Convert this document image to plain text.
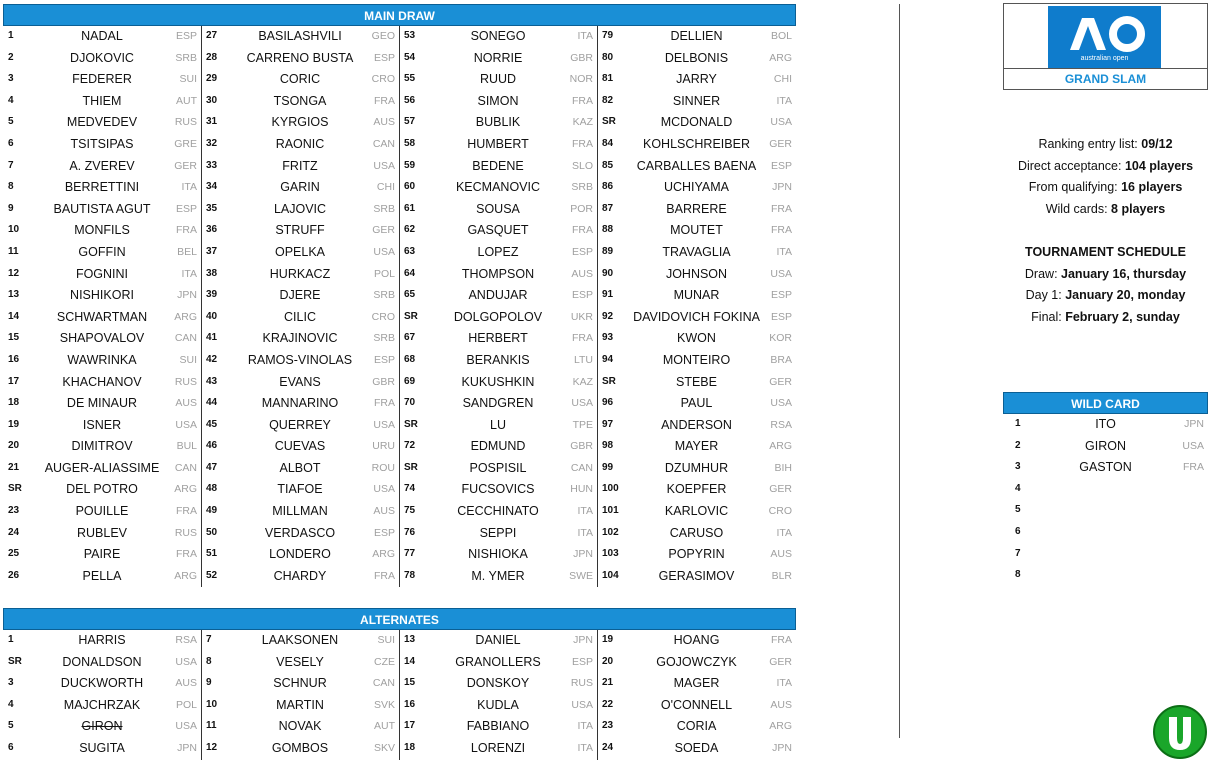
MAIN DRAW
1	NADAL	ESP
2	DJOKOVIC	SRB
3	FEDERER	SUI
4	THIEM	AUT
5	MEDVEDEV	RUS
6	TSITSIPAS	GRE
7	A. ZVEREV	GER
8	BERRETTINI	ITA
9	BAUTISTA AGUT	ESP
10	MONFILS	FRA
11	GOFFIN	BEL
12	FOGNINI	ITA
13	NISHIKORI	JPN
14	SCHWARTMAN	ARG
15	SHAPOVALOV	CAN
16	WAWRINKA	SUI
17	KHACHANOV	RUS
18	DE MINAUR	AUS
19	ISNER	USA
20	DIMITROV	BUL
21	AUGER-ALIASSIME	CAN
SR	DEL POTRO	ARG
23	POUILLE	FRA
24	RUBLEV	RUS
25	PAIRE	FRA
26	PELLA	ARG
27	BASILASHVILI	GEO
28	CARRENO BUSTA	ESP
29	CORIC	CRO
30	TSONGA	FRA
31	KYRGIOS	AUS
32	RAONIC	CAN
33	FRITZ	USA
34	GARIN	CHI
35	LAJOVIC	SRB
36	STRUFF	GER
37	OPELKA	USA
38	HURKACZ	POL
39	DJERE	SRB
40	CILIC	CRO
41	KRAJINOVIC	SRB
42	RAMOS-VINOLAS	ESP
43	EVANS	GBR
44	MANNARINO	FRA
45	QUERREY	USA
46	CUEVAS	URU
47	ALBOT	ROU
48	TIAFOE	USA
49	MILLMAN	AUS
50	VERDASCO	ESP
51	LONDERO	ARG
52	CHARDY	FRA
53	SONEGO	ITA
54	NORRIE	GBR
55	RUUD	NOR
56	SIMON	FRA
57	BUBLIK	KAZ
58	HUMBERT	FRA
59	BEDENE	SLO
60	KECMANOVIC	SRB
61	SOUSA	POR
62	GASQUET	FRA
63	LOPEZ	ESP
64	THOMPSON	AUS
65	ANDUJAR	ESP
SR	DOLGOPOLOV	UKR
67	HERBERT	FRA
68	BERANKIS	LTU
69	KUKUSHKIN	KAZ
70	SANDGREN	USA
SR	LU	TPE
72	EDMUND	GBR
SR	POSPISIL	CAN
74	FUCSOVICS	HUN
75	CECCHINATO	ITA
76	SEPPI	ITA
77	NISHIOKA	JPN
78	M. YMER	SWE
79	DELLIEN	BOL
80	DELBONIS	ARG
81	JARRY	CHI
82	SINNER	ITA
SR	MCDONALD	USA
84	KOHLSCHREIBER	GER
85	CARBALLES BAENA	ESP
86	UCHIYAMA	JPN
87	BARRERE	FRA
88	MOUTET	FRA
89	TRAVAGLIA	ITA
90	JOHNSON	USA
91	MUNAR	ESP
92	DAVIDOVICH FOKINA	ESP
93	KWON	KOR
94	MONTEIRO	BRA
SR	STEBE	GER
96	PAUL	USA
97	ANDERSON	RSA
98	MAYER	ARG
99	DZUMHUR	BIH
100	KOEPFER	GER
101	KARLOVIC	CRO
102	CARUSO	ITA
103	POPYRIN	AUS
104	GERASIMOV	BLR
ALTERNATES
1	HARRIS	RSA
SR	DONALDSON	USA
3	DUCKWORTH	AUS
4	MAJCHRZAK	POL
5	GIRON	USA
6	SUGITA	JPN
7	LAAKSONEN	SUI
8	VESELY	CZE
9	SCHNUR	CAN
10	MARTIN	SVK
11	NOVAK	AUT
12	GOMBOS	SKV
13	DANIEL	JPN
14	GRANOLLERS	ESP
15	DONSKOY	RUS
16	KUDLA	USA
17	FABBIANO	ITA
18	LORENZI	ITA
19	HOANG	FRA
20	GOJOWCZYK	GER
21	MAGER	ITA
22	O'CONNELL	AUS
23	CORIA	ARG
24	SOEDA	JPN
australian open
GRAND SLAM
Ranking entry list: 09/12
Direct acceptance: 104 players
From qualifying: 16 players
Wild cards: 8 players
TOURNAMENT SCHEDULE
Draw: January 16, thursday
Day 1: January 20, monday
Final: February 2, sunday
WILD CARD
1	ITO	JPN
2	GIRON	USA
3	GASTON	FRA
4
5
6
7
8
